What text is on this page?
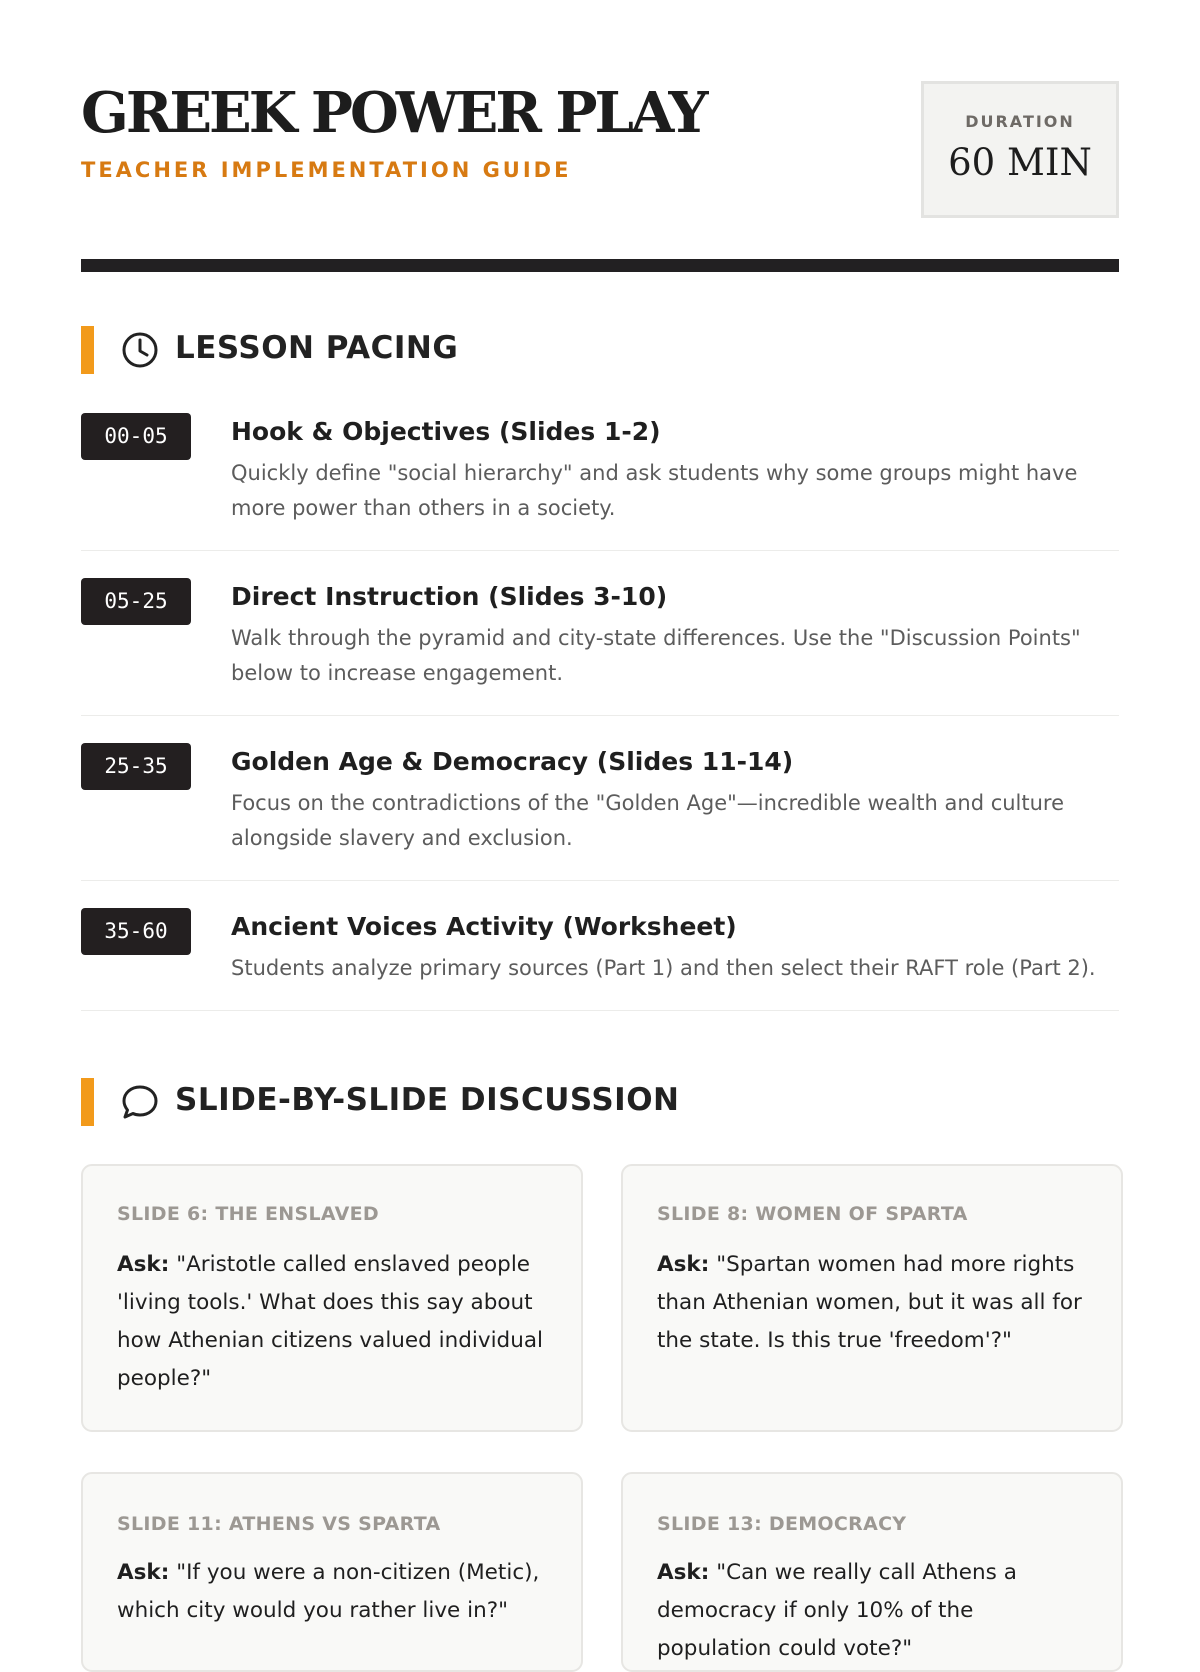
GREEK POWER PLAY
TEACHER IMPLEMENTATION GUIDE
DURATION
60 MIN
LESSON PACING
00-05	Hook & Objectives (Slides 1-2)
Quickly define "social hierarchy" and ask students why some groups might have more power than others in a society.
05-25	Direct Instruction (Slides 3-10)
Walk through the pyramid and city-state differences. Use the "Discussion Points" below to increase engagement.
25-35	Golden Age & Democracy (Slides 11-14)
Focus on the contradictions of the "Golden Age"—incredible wealth and culture alongside slavery and exclusion.
35-60	Ancient Voices Activity (Worksheet)
Students analyze primary sources (Part 1) and then select their RAFT role (Part 2).
SLIDE-BY-SLIDE DISCUSSION
SLIDE 6: THE ENSLAVED
Ask: "Aristotle called enslaved people 'living tools.' What does this say about how Athenian citizens valued individual people?"
SLIDE 8: WOMEN OF SPARTA
Ask: "Spartan women had more rights than Athenian women, but it was all for the state. Is this true 'freedom'?"
SLIDE 11: ATHENS VS SPARTA
Ask: "If you were a non-citizen (Metic), which city would you rather live in?"
SLIDE 13: DEMOCRACY
Ask: "Can we really call Athens a democracy if only 10% of the population could vote?"
